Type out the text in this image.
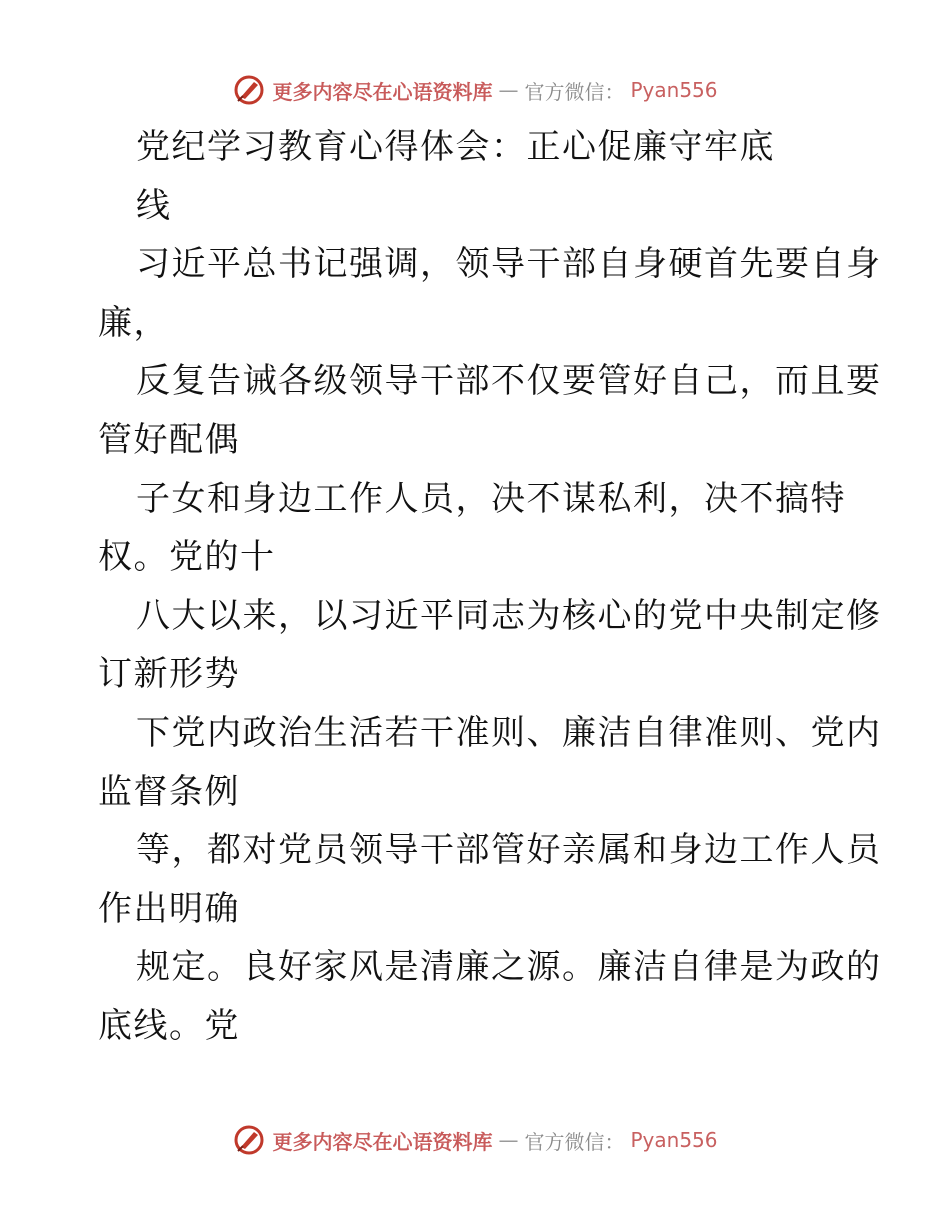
更多内容尽在心语资料库 — 官方微信： Pyan556
党纪学习教育心得体会：正心促廉守牢底
线
习近平总书记强调，领导干部自身硬首先要自身
廉，
反复告诫各级领导干部不仅要管好自己，而且要
管好配偶
子女和身边工作人员，决不谋私利，决不搞特
权。党的十
八大以来，以习近平同志为核心的党中央制定修
订新形势
下党内政治生活若干准则、廉洁自律准则、党内
监督条例
等，都对党员领导干部管好亲属和身边工作人员
作出明确
规定。良好家风是清廉之源。廉洁自律是为政的
底线。党
更多内容尽在心语资料库 — 官方微信： Pyan556
